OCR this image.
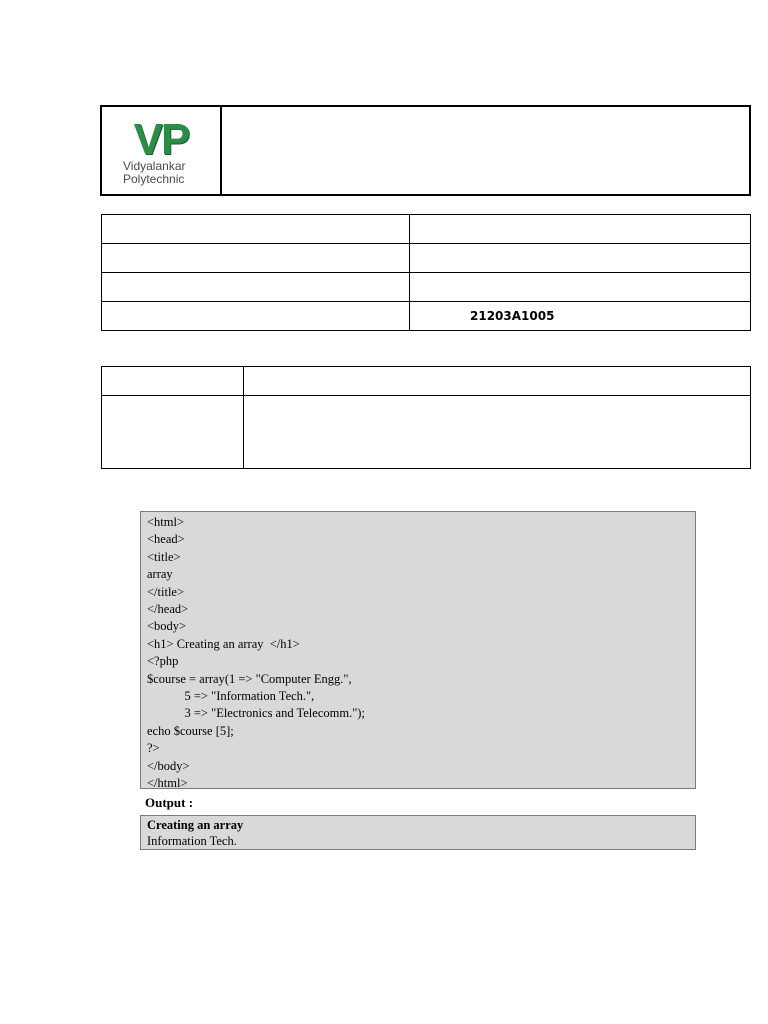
VP
Vidyalankar
Polytechnic

	21203A1005

<html>
<head>
<title>
array
</title>
</head>
<body>
<h1> Creating an array  </h1>
<?php
$course = array(1 => "Computer Engg.",
5 => "Information Tech.",
3 => "Electronics and Telecomm.");
echo $course [5];
?>
</body>
</html>
Output :
Creating an array
Information Tech.
